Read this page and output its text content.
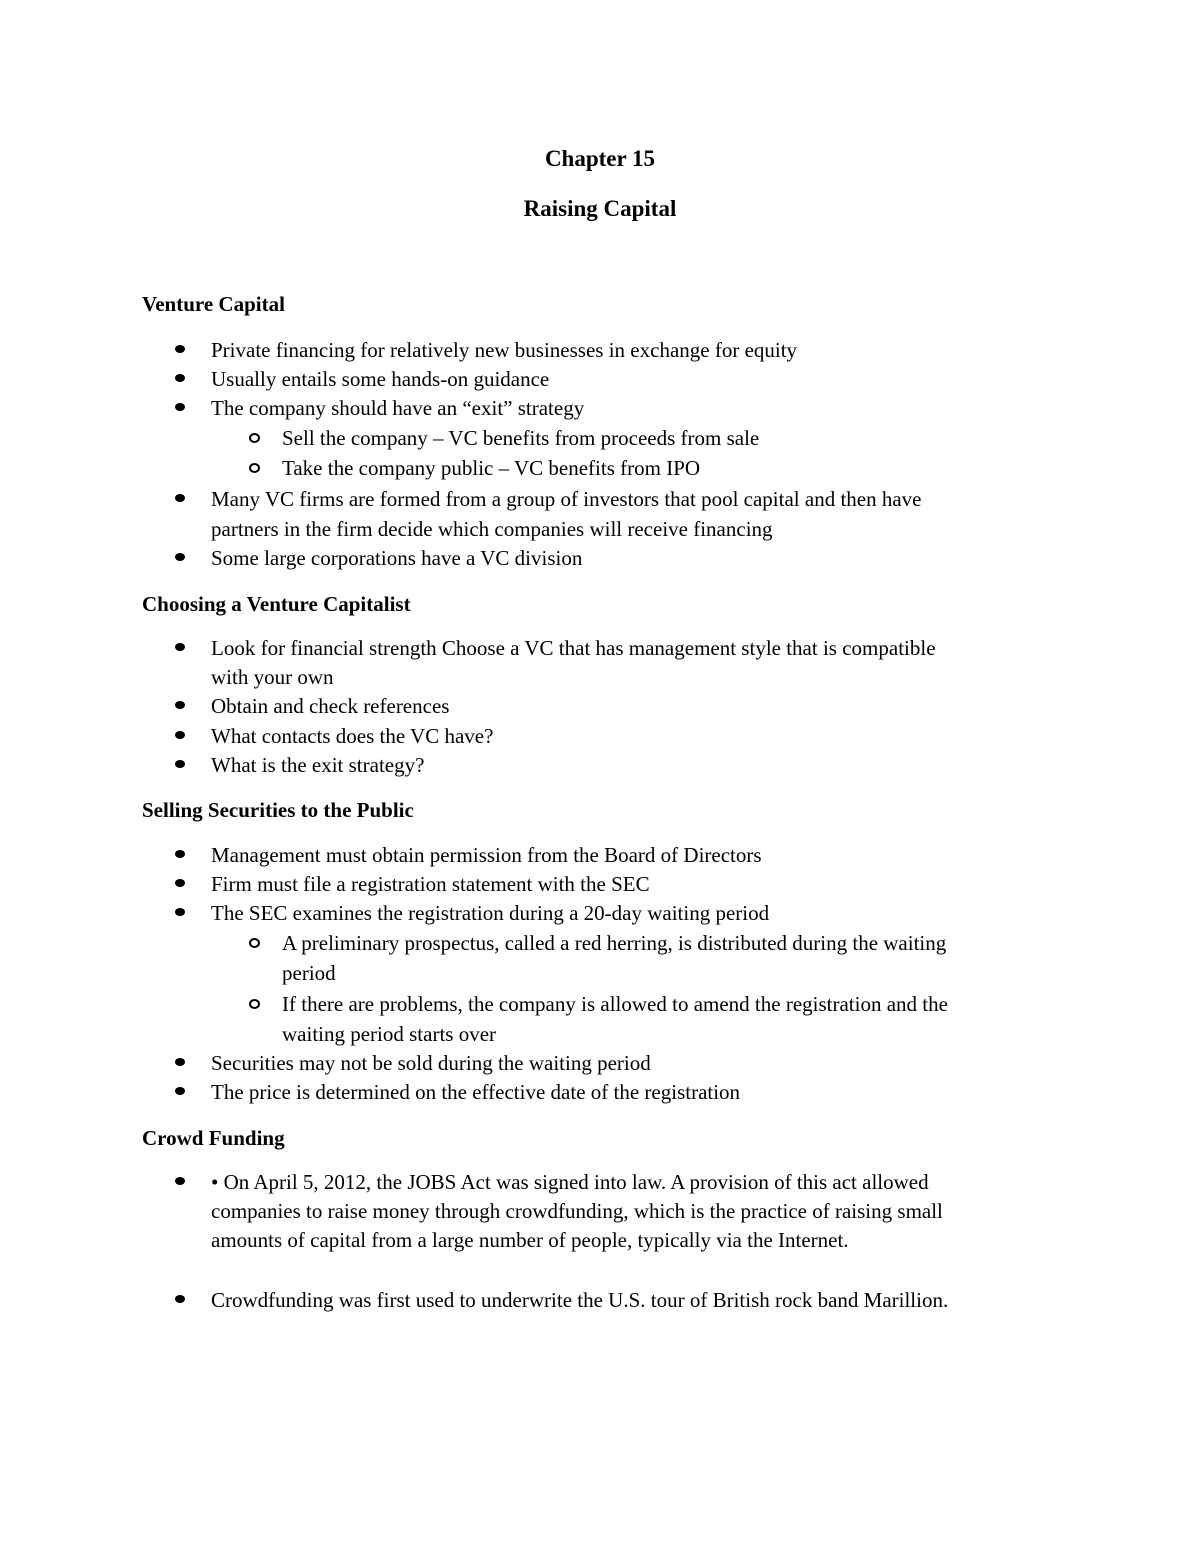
Chapter 15
Raising Capital
Venture Capital
Private financing for relatively new businesses in exchange for equity
Usually entails some hands-on guidance
The company should have an “exit” strategy
Sell the company – VC benefits from proceeds from sale
Take the company public – VC benefits from IPO
Many VC firms are formed from a group of investors that pool capital and then have
partners in the firm decide which companies will receive financing
Some large corporations have a VC division
Choosing a Venture Capitalist
Look for financial strength Choose a VC that has management style that is compatible
with your own
Obtain and check references
What contacts does the VC have?
What is the exit strategy?
Selling Securities to the Public
Management must obtain permission from the Board of Directors
Firm must file a registration statement with the SEC
The SEC examines the registration during a 20-day waiting period
A preliminary prospectus, called a red herring, is distributed during the waiting
period
If there are problems, the company is allowed to amend the registration and the
waiting period starts over
Securities may not be sold during the waiting period
The price is determined on the effective date of the registration
Crowd Funding
• On April 5, 2012, the JOBS Act was signed into law. A provision of this act allowed
companies to raise money through crowdfunding, which is the practice of raising small
amounts of capital from a large number of people, typically via the Internet.
Crowdfunding was first used to underwrite the U.S. tour of British rock band Marillion.
